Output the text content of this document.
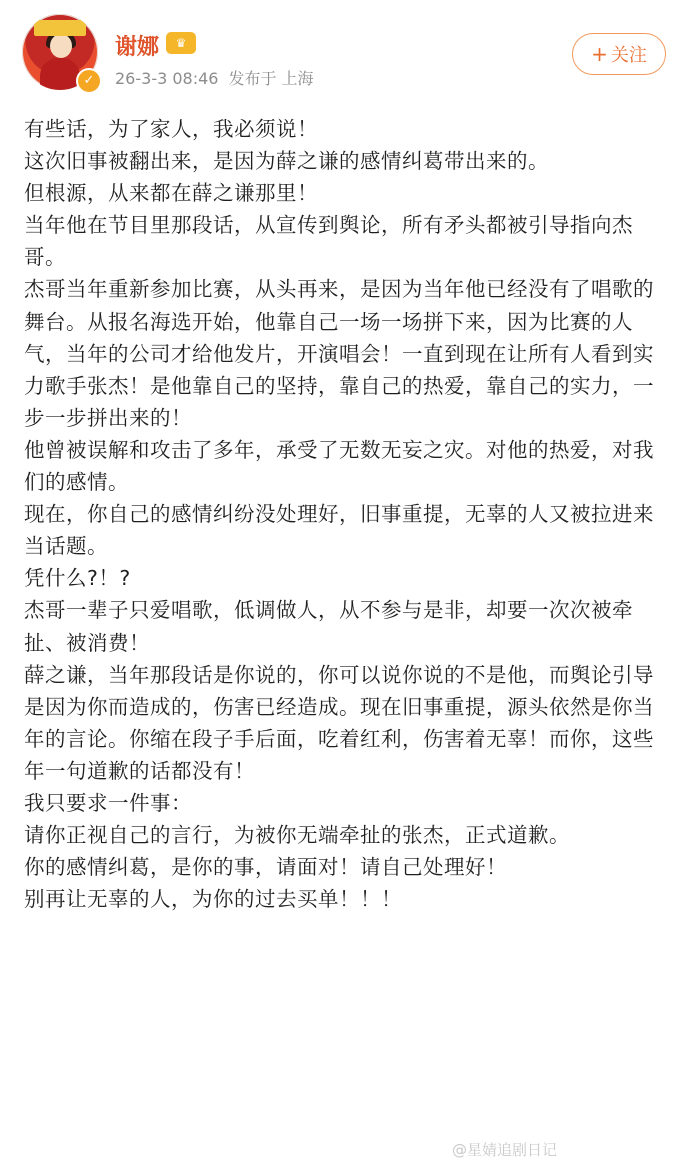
✓
谢娜	♛
26-3-3 08:46 发布于 上海
+ 关注

有些话，为了家人，我必须说！

这次旧事被翻出来，是因为薛之谦的感情纠葛带出来的。

但根源，从来都在薛之谦那里！

当年他在节目里那段话，从宣传到舆论，所有矛头都被引导指向杰哥。

杰哥当年重新参加比赛，从头再来，是因为当年他已经没有了唱歌的舞台。从报名海选开始，他靠自己一场一场拼下来，因为比赛的人气，当年的公司才给他发片，开演唱会！一直到现在让所有人看到实力歌手张杰！是他靠自己的坚持，靠自己的热爱，靠自己的实力，一步一步拼出来的！

他曾被误解和攻击了多年，承受了无数无妄之灾。对他的热爱，对我们的感情。

现在，你自己的感情纠纷没处理好，旧事重提，无辜的人又被拉进来当话题。

凭什么?！?

杰哥一辈子只爱唱歌，低调做人，从不参与是非，却要一次次被牵扯、被消费！

薛之谦，当年那段话是你说的，你可以说你说的不是他，而舆论引导是因为你而造成的，伤害已经造成。现在旧事重提，源头依然是你当年的言论。你缩在段子手后面，吃着红利，伤害着无辜！而你，这些年一句道歉的话都没有！

我只要求一件事：

请你正视自己的言行，为被你无端牵扯的张杰，正式道歉。

你的感情纠葛，是你的事，请面对！请自己处理好！

别再让无辜的人，为你的过去买单！！！

@星婧追剧日记
